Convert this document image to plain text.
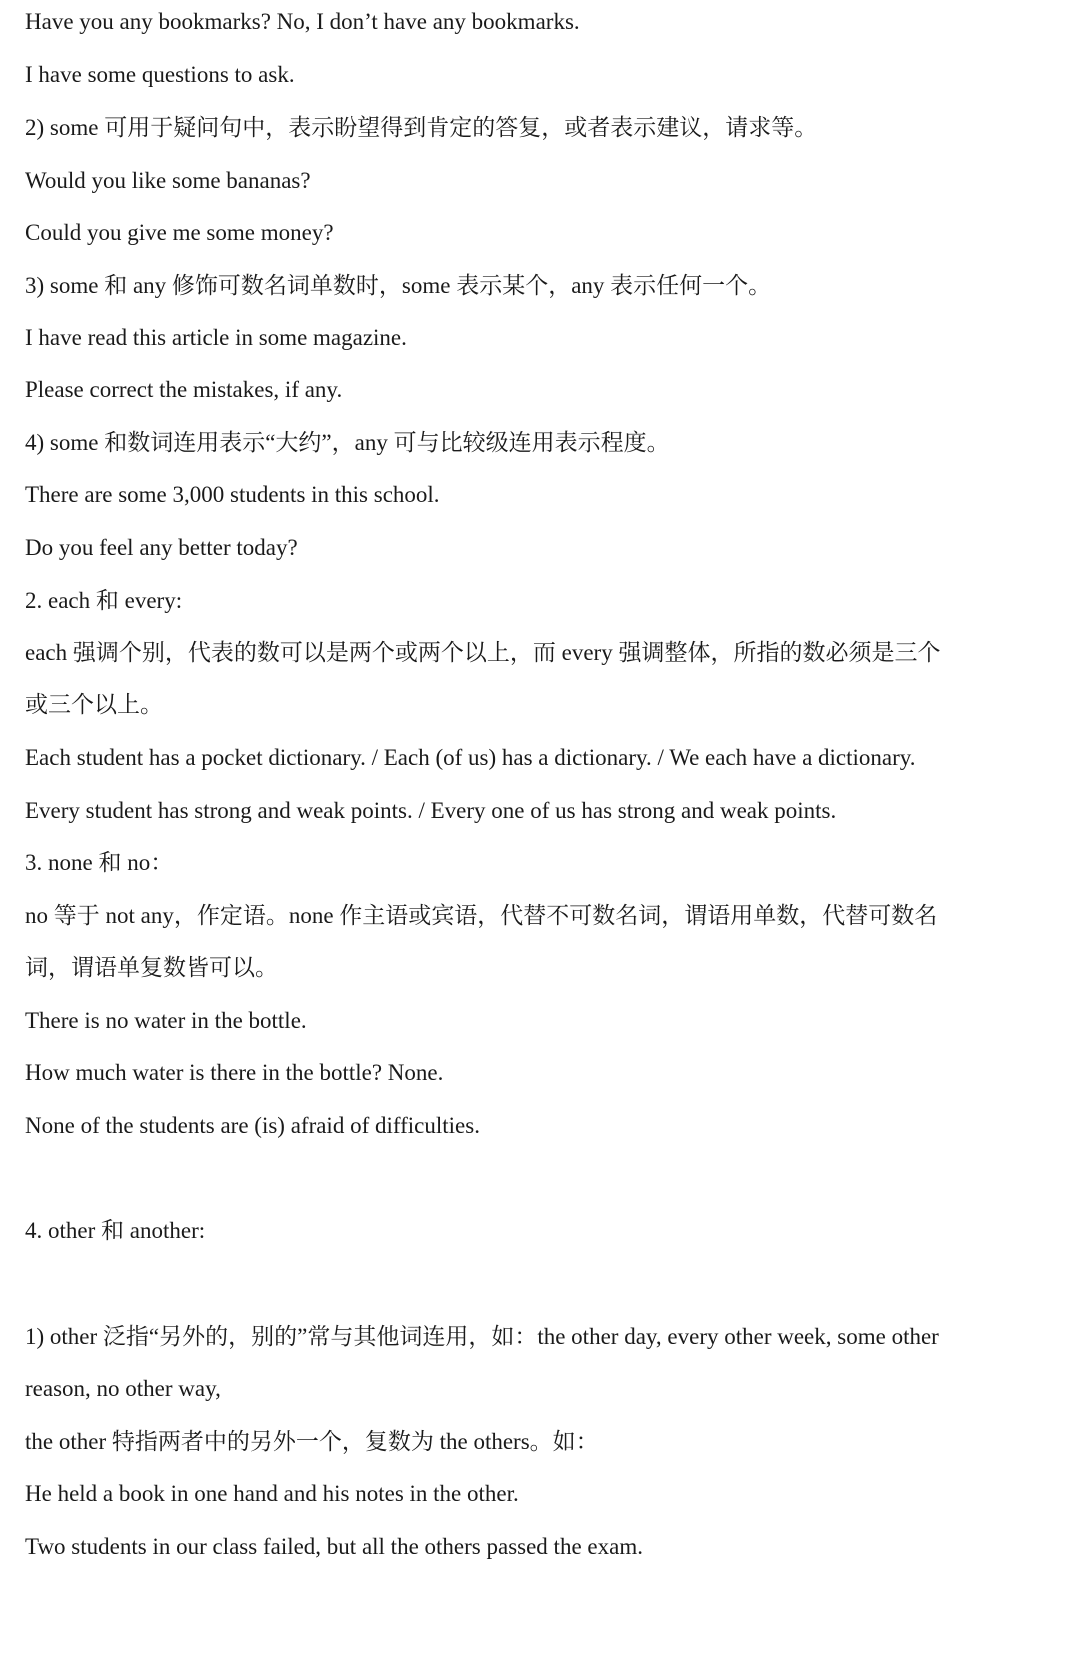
Have you any bookmarks? No, I don’t have any bookmarks.

I have some questions to ask.

2) some 可用于疑问句中，表示盼望得到肯定的答复，或者表示建议，请求等。

Would you like some bananas?

Could you give me some money?

3) some 和 any 修饰可数名词单数时，some 表示某个，any 表示任何一个。

I have read this article in some magazine.

Please correct the mistakes, if any.

4) some 和数词连用表示“大约”，any 可与比较级连用表示程度。

There are some 3,000 students in this school.

Do you feel any better today?

2. each 和 every:

each 强调个别，代表的数可以是两个或两个以上，而 every 强调整体，所指的数必须是三个

或三个以上。

Each student has a pocket dictionary. / Each (of us) has a dictionary. / We each have a dictionary.

Every student has strong and weak points. / Every one of us has strong and weak points.

3. none 和 no：

no 等于 not any，作定语。none 作主语或宾语，代替不可数名词，谓语用单数，代替可数名

词，谓语单复数皆可以。

There is no water in the bottle.

How much water is there in the bottle? None.

None of the students are (is) afraid of difficulties.

4. other 和 another:

1) other 泛指“另外的，别的”常与其他词连用，如：the other day, every other week, some other

reason, no other way,

the other 特指两者中的另外一个，复数为 the others。如：

He held a book in one hand and his notes in the other.

Two students in our class failed, but all the others passed the exam.
